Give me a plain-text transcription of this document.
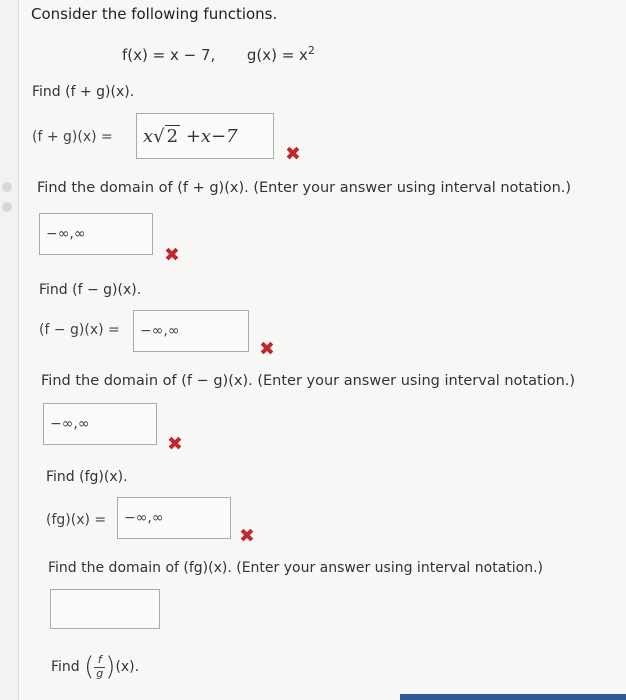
Consider the following functions.
f(x) = x − 7, $g(x) = x^2$
Find (f + g)(x).
(f + g)(x) = x√ 2 +x−7
✖
Find the domain of (f + g)(x). (Enter your answer using interval notation.)
−∞,∞
✖
Find (f − g)(x).
(f − g)(x) = −∞,∞
✖
Find the domain of (f − g)(x). (Enter your answer using interval notation.)
−∞,∞
✖
Find (fg)(x).
(fg)(x) = −∞,∞
✖
Find the domain of (fg)(x). (Enter your answer using interval notation.)
Find ( $\frac{f}{g} )(x)$.
